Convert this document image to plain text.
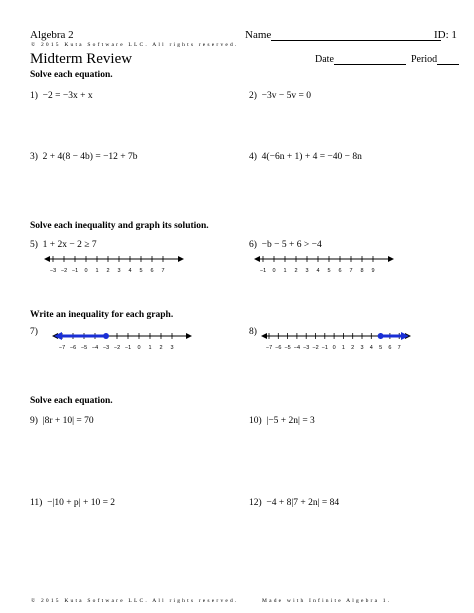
Algebra 2	Name	ID: 1
© 2015 Kuta Software LLC. All rights reserved.
Midterm Review	Date	Period
Solve each equation.
1) −2 = −3x + x	2) −3v − 5v = 0
3) 2 + 4(8 − 4b) = −12 + 7b	4) 4(−6n + 1) + 4 = −40 − 8n
Solve each inequality and graph its solution.
5) 1 + 2x − 2 ≥ 7	6) −b − 5 + 6 > −4
−3 −2 −1 0 1 2 3 4 5 6 7	−1 0 1 2 3 4 5 6 7 8 9
Write an inequality for each graph.
7)	8)
−7 −6 −5 −4 −3 −2 −1 0 1 2 3	−7 −6 −5 −4 −3 −2 −1 0 1 2 3 4 5 6 7
Solve each equation.
9) |8r + 10| = 70	10) |−5 + 2n| = 3
11) −|10 + p| + 10 = 2	12) −4 + 8|7 + 2n| = 84
© 2015 Kuta Software LLC. All rights reserved.	Made with Infinite Algebra 1.
